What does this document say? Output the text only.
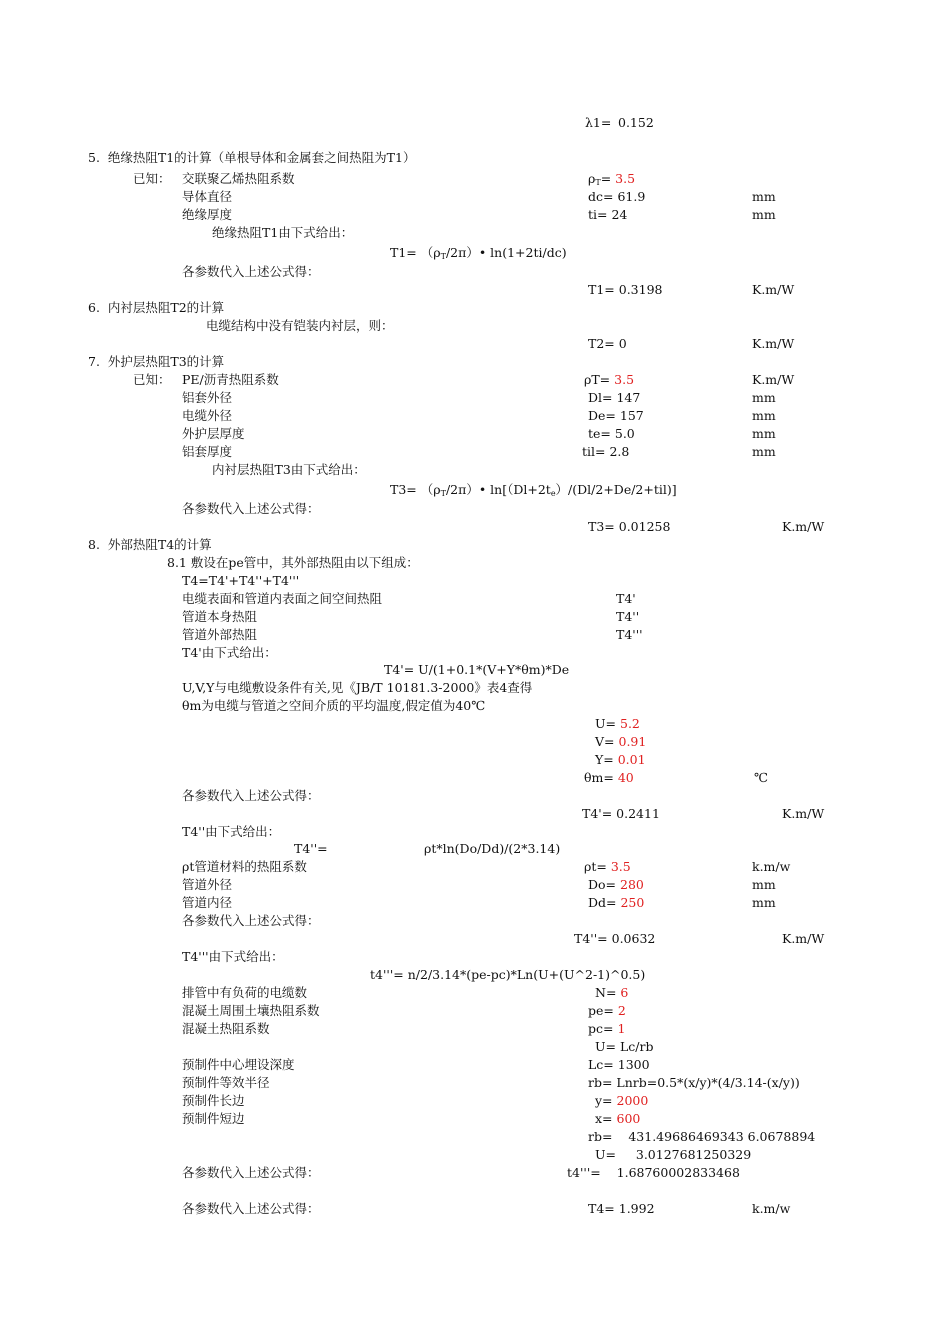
λ1= 0.152
5.  绝缘热阻T1的计算（单根导体和金属套之间热阻为T1）
已知： 交联聚乙烯热阻系数	$\rho_T= 3.5$
导体直径	dc= 61.9	mm
绝缘厚度	ti= 24	mm
绝缘热阻T1由下式给出：
$T1= (\rho_T/2\pi)•$ ln(1+2ti/dc)
各参数代入上述公式得：
T1= 0.3198	K.m/W
6.  内衬层热阻T2的计算
电缆结构中没有铠装内衬层，则：
T2= 0	K.m/W
7.  外护层热阻T3的计算
已知： PE/沥青热阻系数	ρT= 3.5	K.m/W
铝套外径	Dl= 147	mm
电缆外径	De= 157	mm
外护层厚度	te= 5.0	mm
铝套厚度	til= 2.8	mm
内衬层热阻T3由下式给出：
$T3= (\rho_T/2\pi)•$ $\ln[(Dl+2t_e)/(Dl/2+De/2+til)]$
各参数代入上述公式得：
T3= 0.01258	K.m/W
8.  外部热阻T4的计算
8.1 敷设在pe管中，其外部热阻由以下组成：
T4=T4'+T4''+T4'''
电缆表面和管道内表面之间空间热阻	T4'
管道本身热阻	T4''
管道外部热阻	T4'''
T4'由下式给出：
T4'= U/(1+0.1*(V+Y*θm)*De
U,V,Y与电缆敷设条件有关,见《JB/T 10181.3-2000》表4查得
θm为电缆与管道之空间介质的平均温度,假定值为40℃
U= 5.2
V= 0.91
Y= 0.01
θm= 40	℃
各参数代入上述公式得：
T4'= 0.2411	K.m/W
T4''由下式给出：
T4''=	ρt*ln(Do/Dd)/(2*3.14)
ρt管道材料的热阻系数	ρt= 3.5	k.m/w
管道外径	Do= 280	mm
管道内径	Dd= 250	mm
各参数代入上述公式得：
T4''= 0.0632	K.m/W
T4'''由下式给出：
t4'''= n/2/3.14*(pe-pc)*Ln(U+(U^2-1)^0.5)
排管中有负荷的电缆数	N= 6
混凝土周围土壤热阻系数	pe= 2
混凝土热阻系数	pc= 1
U= Lc/rb
预制件中心埋设深度	Lc= 1300
预制件等效半径	rb= Lnrb=0.5*(x/y)*(4/3.14-(x/y))
预制件长边	y= 2000
预制件短边	x= 600
rb=    431.49686469343 6.0678894
U=     3.0127681250329
各参数代入上述公式得：	t4'''=    1.68760002833468
各参数代入上述公式得：	T4= 1.992	k.m/w
